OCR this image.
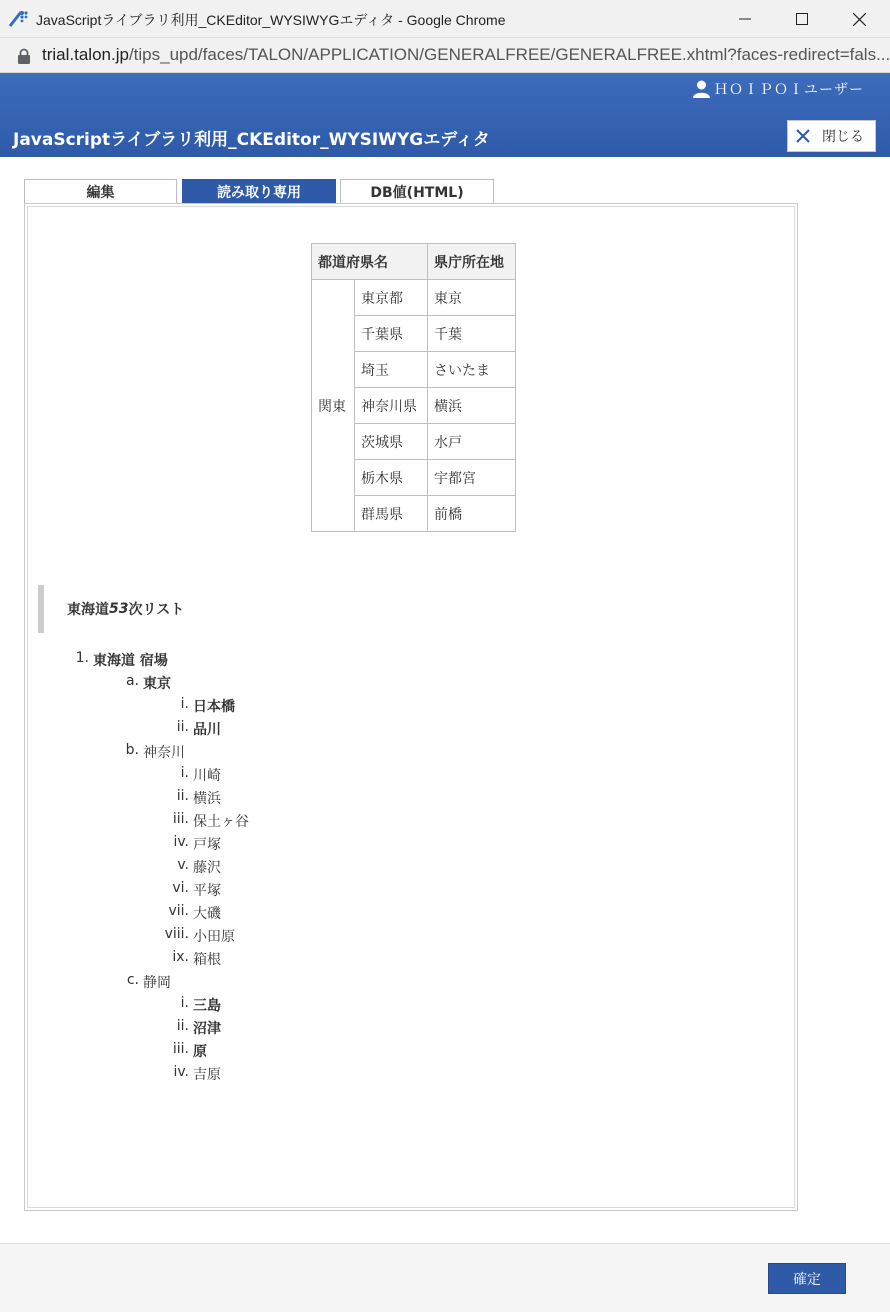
JavaScriptライブラリ利用_CKEditor_WYSIWYGエディタ - Google Chrome
trial.talon.jp/tips_upd/faces/TALON/APPLICATION/GENERALFREE/GENERALFREE.xhtml?faces-redirect=fals...
ＨＯＩＰＯＩユーザー
JavaScriptライブラリ利用_CKEditor_WYSIWYGエディタ	閉じる
編集	読み取り専用	DB値(HTML)
都道府県名		県庁所在地
関東	東京都	東京
	千葉県	千葉
	埼玉	さいたま
	神奈川県	横浜
	茨城県	水戸
	栃木県	宇都宮
	群馬県	前橋
東海道 53 次リスト
1. 東海道 宿場
a. 東京
i. 日本橋
ii. 品川
b. 神奈川
i. 川崎
ii. 横浜
iii. 保土ヶ谷
iv. 戸塚
v. 藤沢
vi. 平塚
vii. 大磯
viii. 小田原
ix. 箱根
c. 静岡
i. 三島
ii. 沼津
iii. 原
iv. 吉原
確定
